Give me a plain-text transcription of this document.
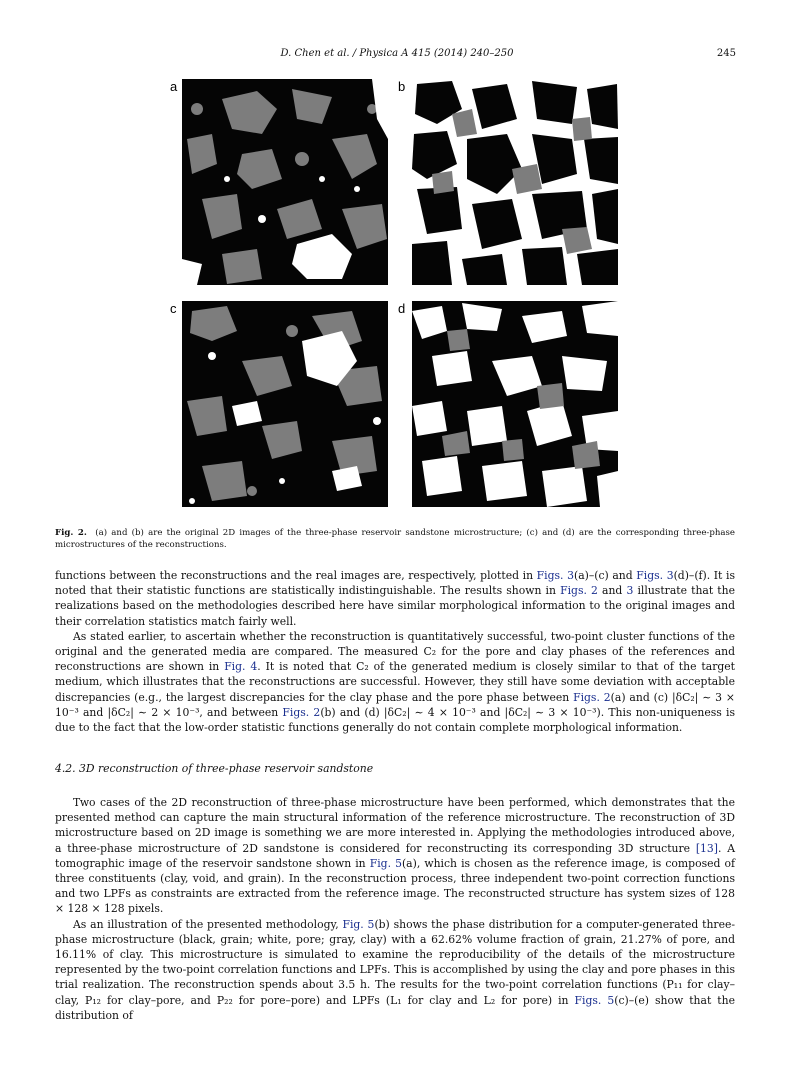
D. Chen et al. / Physica A 415 (2014) 240–250	245
a	b
c	d
Fig. 2. (a) and (b) are the original 2D images of the three-phase reservoir sandstone microstructure; (c) and (d) are the corresponding three-phase microstructures of the reconstructions.

functions between the reconstructions and the real images are, respectively, plotted in Figs. 3(a)–(c) and Figs. 3(d)–(f). It is noted that their statistic functions are statistically indistinguishable. The results shown in Figs. 2 and 3 illustrate that the realizations based on the methodologies described here have similar morphological information to the original images and their correlation statistics match fairly well.

As stated earlier, to ascertain whether the reconstruction is quantitatively successful, two-point cluster functions of the original and the generated media are compared. The measured C₂ for the pore and clay phases of the references and reconstructions are shown in Fig. 4. It is noted that C₂ of the generated medium is closely similar to that of the target medium, which illustrates that the reconstructions are successful. However, they still have some deviation with acceptable discrepancies (e.g., the largest discrepancies for the clay phase and the pore phase between Figs. 2(a) and (c) |δC₂| ∼ 3 × 10⁻³ and |δC₂| ∼ 2 × 10⁻³, and between Figs. 2(b) and (d) |δC₂| ∼ 4 × 10⁻³ and |δC₂| ∼ 3 × 10⁻³). This non-uniqueness is due to the fact that the low-order statistic functions generally do not contain complete morphological information.

4.2. 3D reconstruction of three-phase reservoir sandstone

Two cases of the 2D reconstruction of three-phase microstructure have been performed, which demonstrates that the presented method can capture the main structural information of the reference microstructure. The reconstruction of 3D microstructure based on 2D image is something we are more interested in. Applying the methodologies introduced above, a three-phase microstructure of 2D sandstone is considered for reconstructing its corresponding 3D structure [13]. A tomographic image of the reservoir sandstone shown in Fig. 5(a), which is chosen as the reference image, is composed of three constituents (clay, void, and grain). In the reconstruction process, three independent two-point correction functions and two LPFs as constraints are extracted from the reference image. The reconstructed structure has system sizes of 128 × 128 × 128 pixels.

As an illustration of the presented methodology, Fig. 5(b) shows the phase distribution for a computer-generated three-phase microstructure (black, grain; white, pore; gray, clay) with a 62.62% volume fraction of grain, 21.27% of pore, and 16.11% of clay. This microstructure is simulated to examine the reproducibility of the details of the microstructure represented by the two-point correlation functions and LPFs. This is accomplished by using the clay and pore phases in this trial realization. The reconstruction spends about 3.5 h. The results for the two-point correlation functions (P₁₁ for clay–clay, P₁₂ for clay–pore, and P₂₂ for pore–pore) and LPFs (L₁ for clay and L₂ for pore) in Figs. 5(c)–(e) show that the distribution of
